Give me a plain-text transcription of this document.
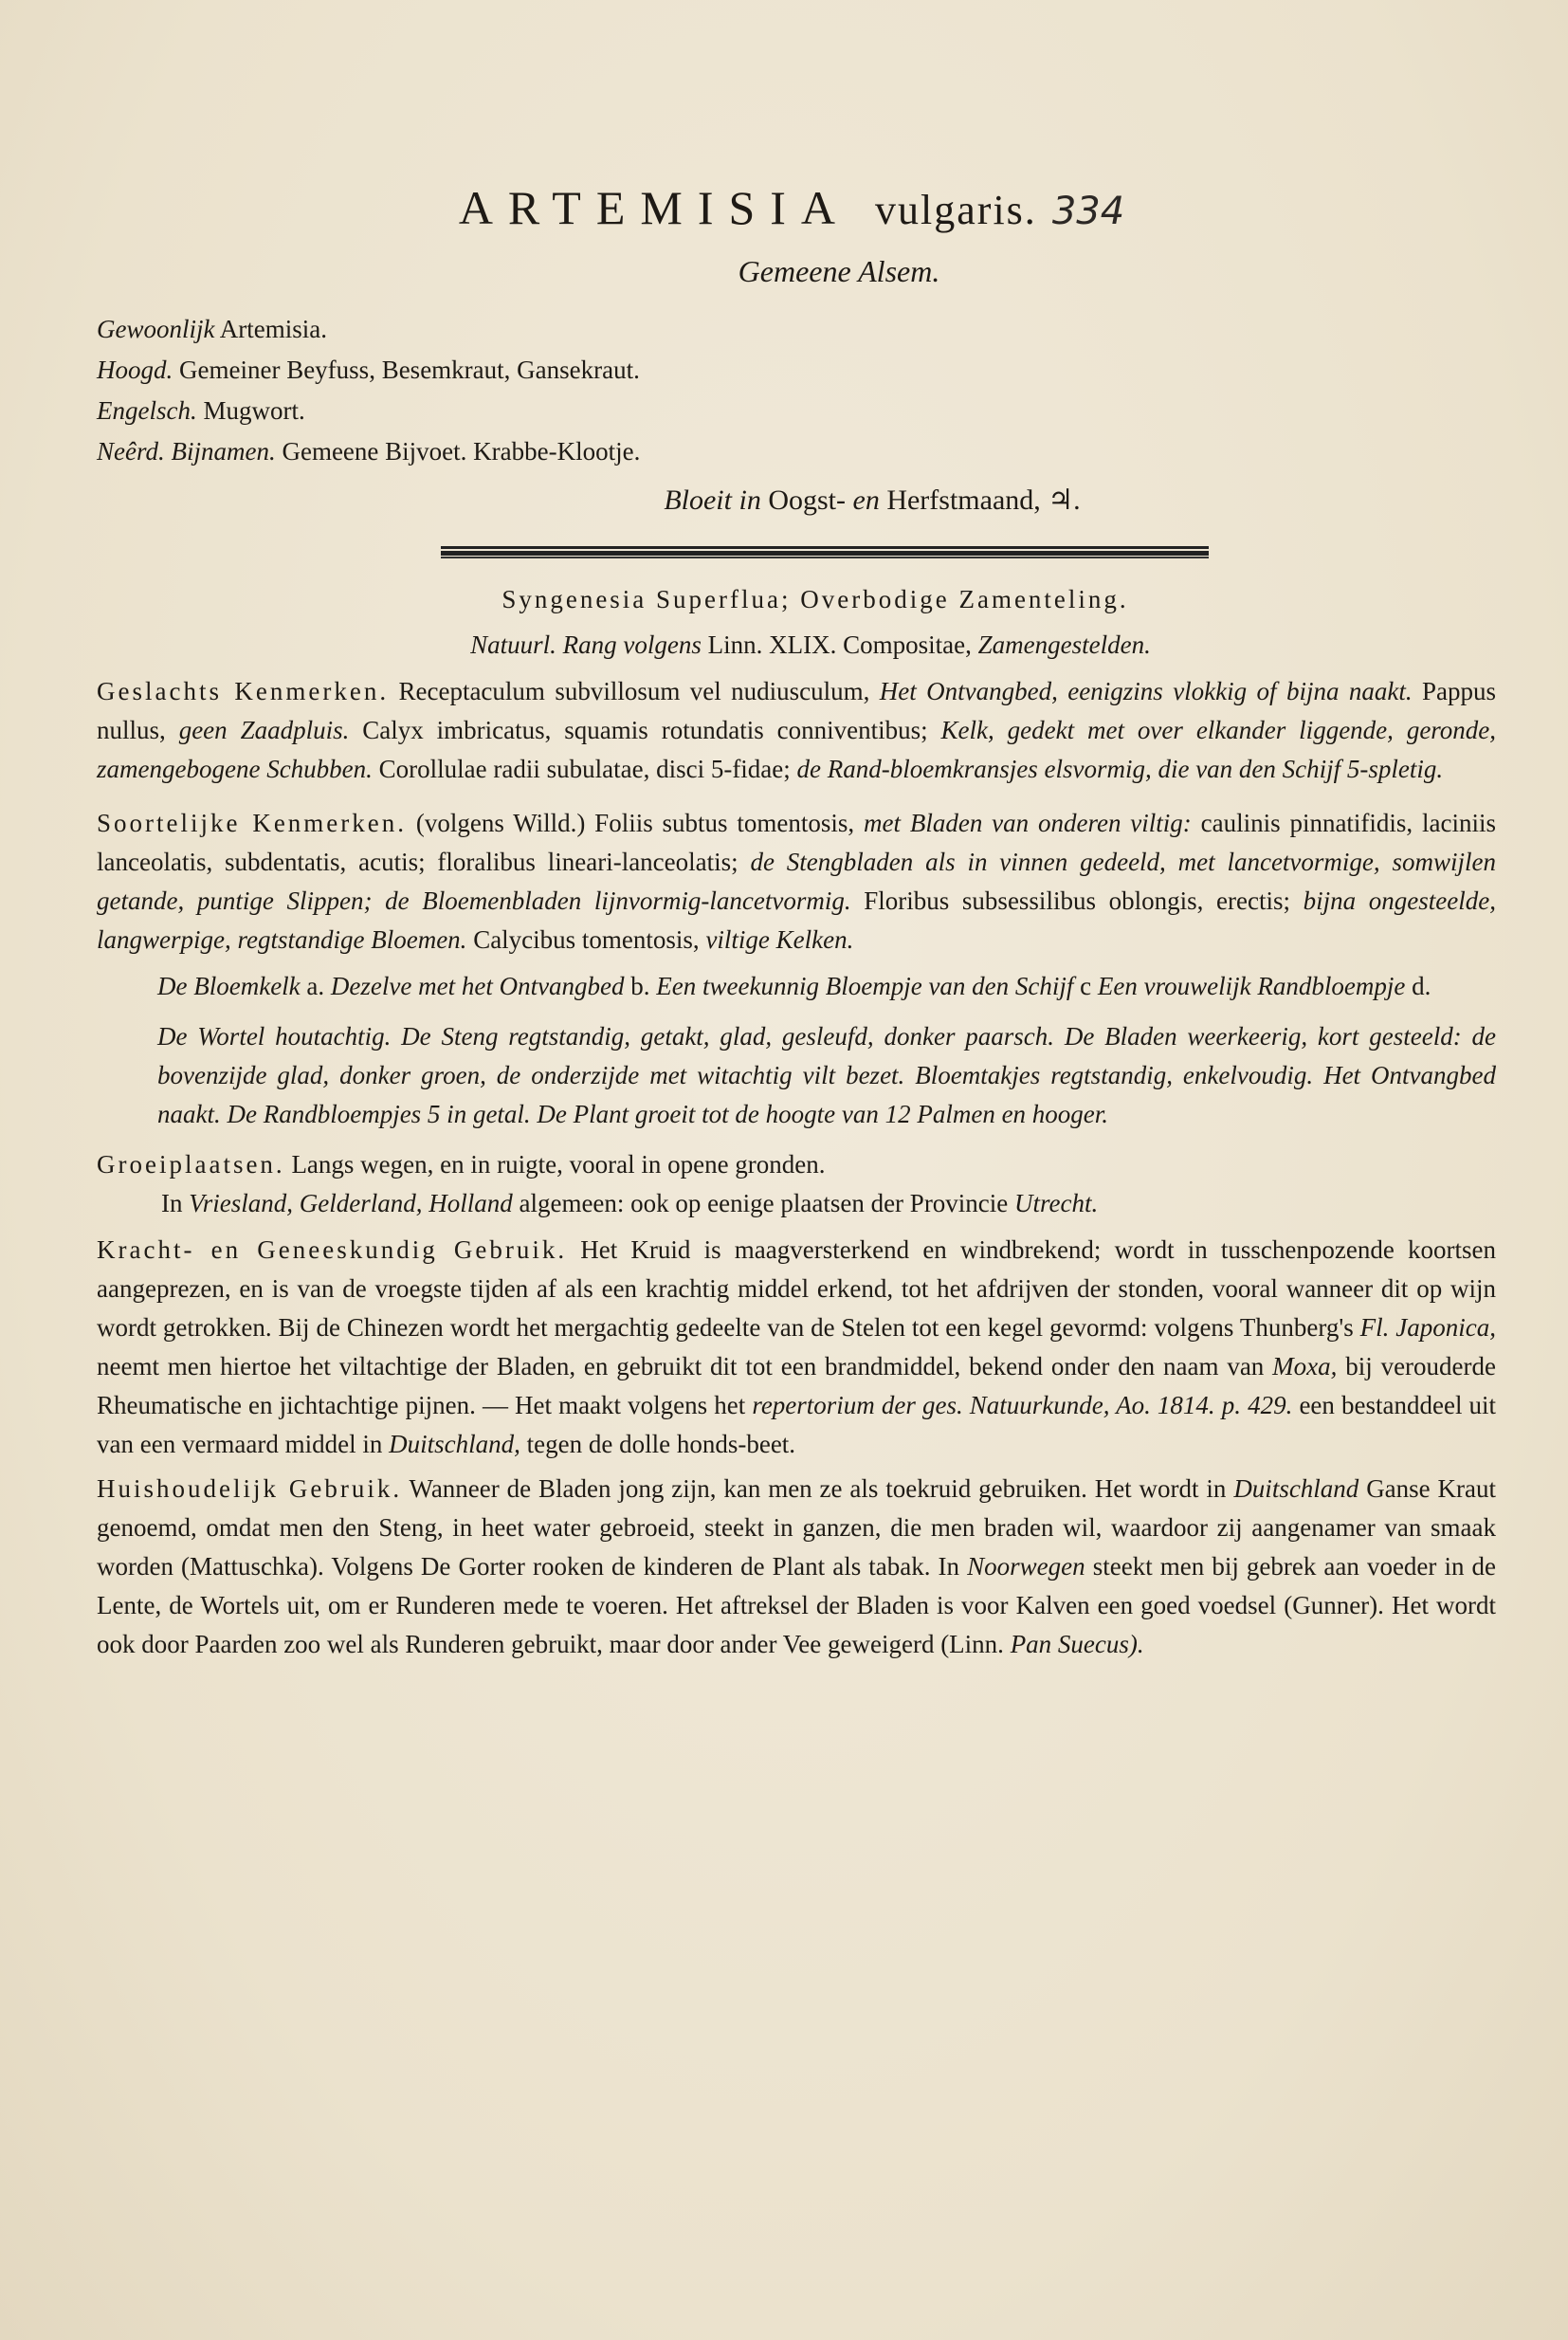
ARTEMISIA vulgaris. 334
Gemeene Alsem.
Gewoonlijk Artemisia.
Hoogd. Gemeiner Beyfuss, Besemkraut, Gansekraut.
Engelsch. Mugwort.
Neêrd. Bijnamen. Gemeene Bijvoet. Krabbe-Klootje.
Bloeit in Oogst- en Herfstmaand, ♃.
Syngenesia Superflua; Overbodige Zamenteling.
Natuurl. Rang volgens Linn. XLIX. Compositae, Zamengestelden.

Geslachts Kenmerken. Receptaculum subvillosum vel nudiusculum, Het Ontvangbed, eenigzins vlokkig of bijna naakt. Pappus nullus, geen Zaadpluis. Calyx imbricatus, squamis rotundatis conniventibus; Kelk, gedekt met over elkander liggende, geronde, zamengebogene Schubben. Corollulae radii subulatae, disci 5-fidae; de Rand-bloemkransjes elsvormig, die van den Schijf 5-spletig.

Soortelijke Kenmerken. (volgens Willd.) Foliis subtus tomentosis, met Bladen van onderen viltig: caulinis pinnatifidis, laciniis lanceolatis, subdentatis, acutis; floralibus lineari-lanceolatis; de Stengbladen als in vinnen gedeeld, met lancetvormige, somwijlen getande, puntige Slippen; de Bloemenbladen lijnvormig-lancetvormig. Floribus subsessilibus oblongis, erectis; bijna ongesteelde, langwerpige, regtstandige Bloemen. Calycibus tomentosis, viltige Kelken.

De Bloemkelk a. Dezelve met het Ontvangbed b. Een tweekunnig Bloempje van den Schijf c Een vrouwelijk Randbloempje d.

De Wortel houtachtig. De Steng regtstandig, getakt, glad, gesleufd, donker paarsch. De Bladen weerkeerig, kort gesteeld: de bovenzijde glad, donker groen, de onderzijde met witachtig vilt bezet. Bloemtakjes regtstandig, enkelvoudig. Het Ontvangbed naakt. De Randbloempjes 5 in getal. De Plant groeit tot de hoogte van 12 Palmen en hooger.

Groeiplaatsen. Langs wegen, en in ruigte, vooral in opene gronden.

In Vriesland, Gelderland, Holland algemeen: ook op eenige plaatsen der Provincie Utrecht.

Kracht- en Geneeskundig Gebruik. Het Kruid is maagversterkend en windbrekend; wordt in tusschenpozende koortsen aangeprezen, en is van de vroegste tijden af als een krachtig middel erkend, tot het afdrijven der stonden, vooral wanneer dit op wijn wordt getrokken. Bij de Chinezen wordt het mergachtig gedeelte van de Stelen tot een kegel gevormd: volgens Thunberg's Fl. Japonica, neemt men hiertoe het viltachtige der Bladen, en gebruikt dit tot een brandmiddel, bekend onder den naam van Moxa, bij verouderde Rheumatische en jichtachtige pijnen. — Het maakt volgens het repertorium der ges. Natuurkunde, Ao. 1814. p. 429. een bestanddeel uit van een vermaard middel in Duitschland, tegen de dolle honds-beet.

Huishoudelijk Gebruik. Wanneer de Bladen jong zijn, kan men ze als toekruid gebruiken. Het wordt in Duitschland Ganse Kraut genoemd, omdat men den Steng, in heet water gebroeid, steekt in ganzen, die men braden wil, waardoor zij aangenamer van smaak worden (Mattuschka). Volgens De Gorter rooken de kinderen de Plant als tabak. In Noorwegen steekt men bij gebrek aan voeder in de Lente, de Wortels uit, om er Runderen mede te voeren. Het aftreksel der Bladen is voor Kalven een goed voedsel (Gunner). Het wordt ook door Paarden zoo wel als Runderen gebruikt, maar door ander Vee geweigerd (Linn. Pan Suecus).
